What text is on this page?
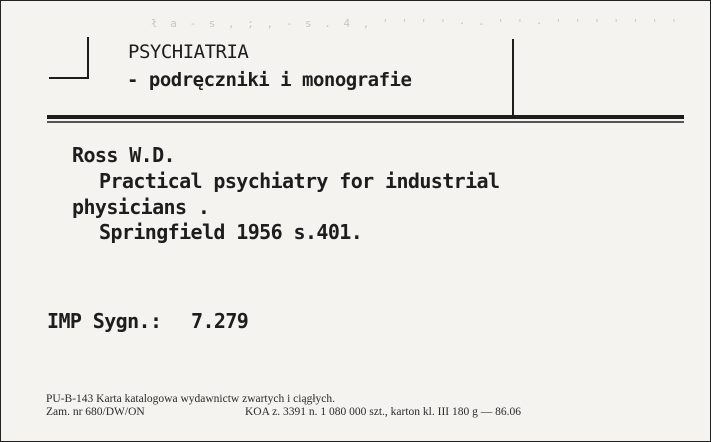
ł a - s , ; , - s . 4 , ' ' ' ' · - ' ' · ' ' ' ' ' ' '
PSYCHIATRIA
- podręczniki i monografie
Ross W.D.
Practical psychiatry for industrial
physicians .
Springfield 1956 s.401.
IMP Sygn.: 7.279
PU-B-143 Karta katalogowa wydawnictw zwartych i ciągłych.
Zam. nr 680/DW/ON	KOA z. 3391 n. 1 080 000 szt., karton kl. III 180 g — 86.06
